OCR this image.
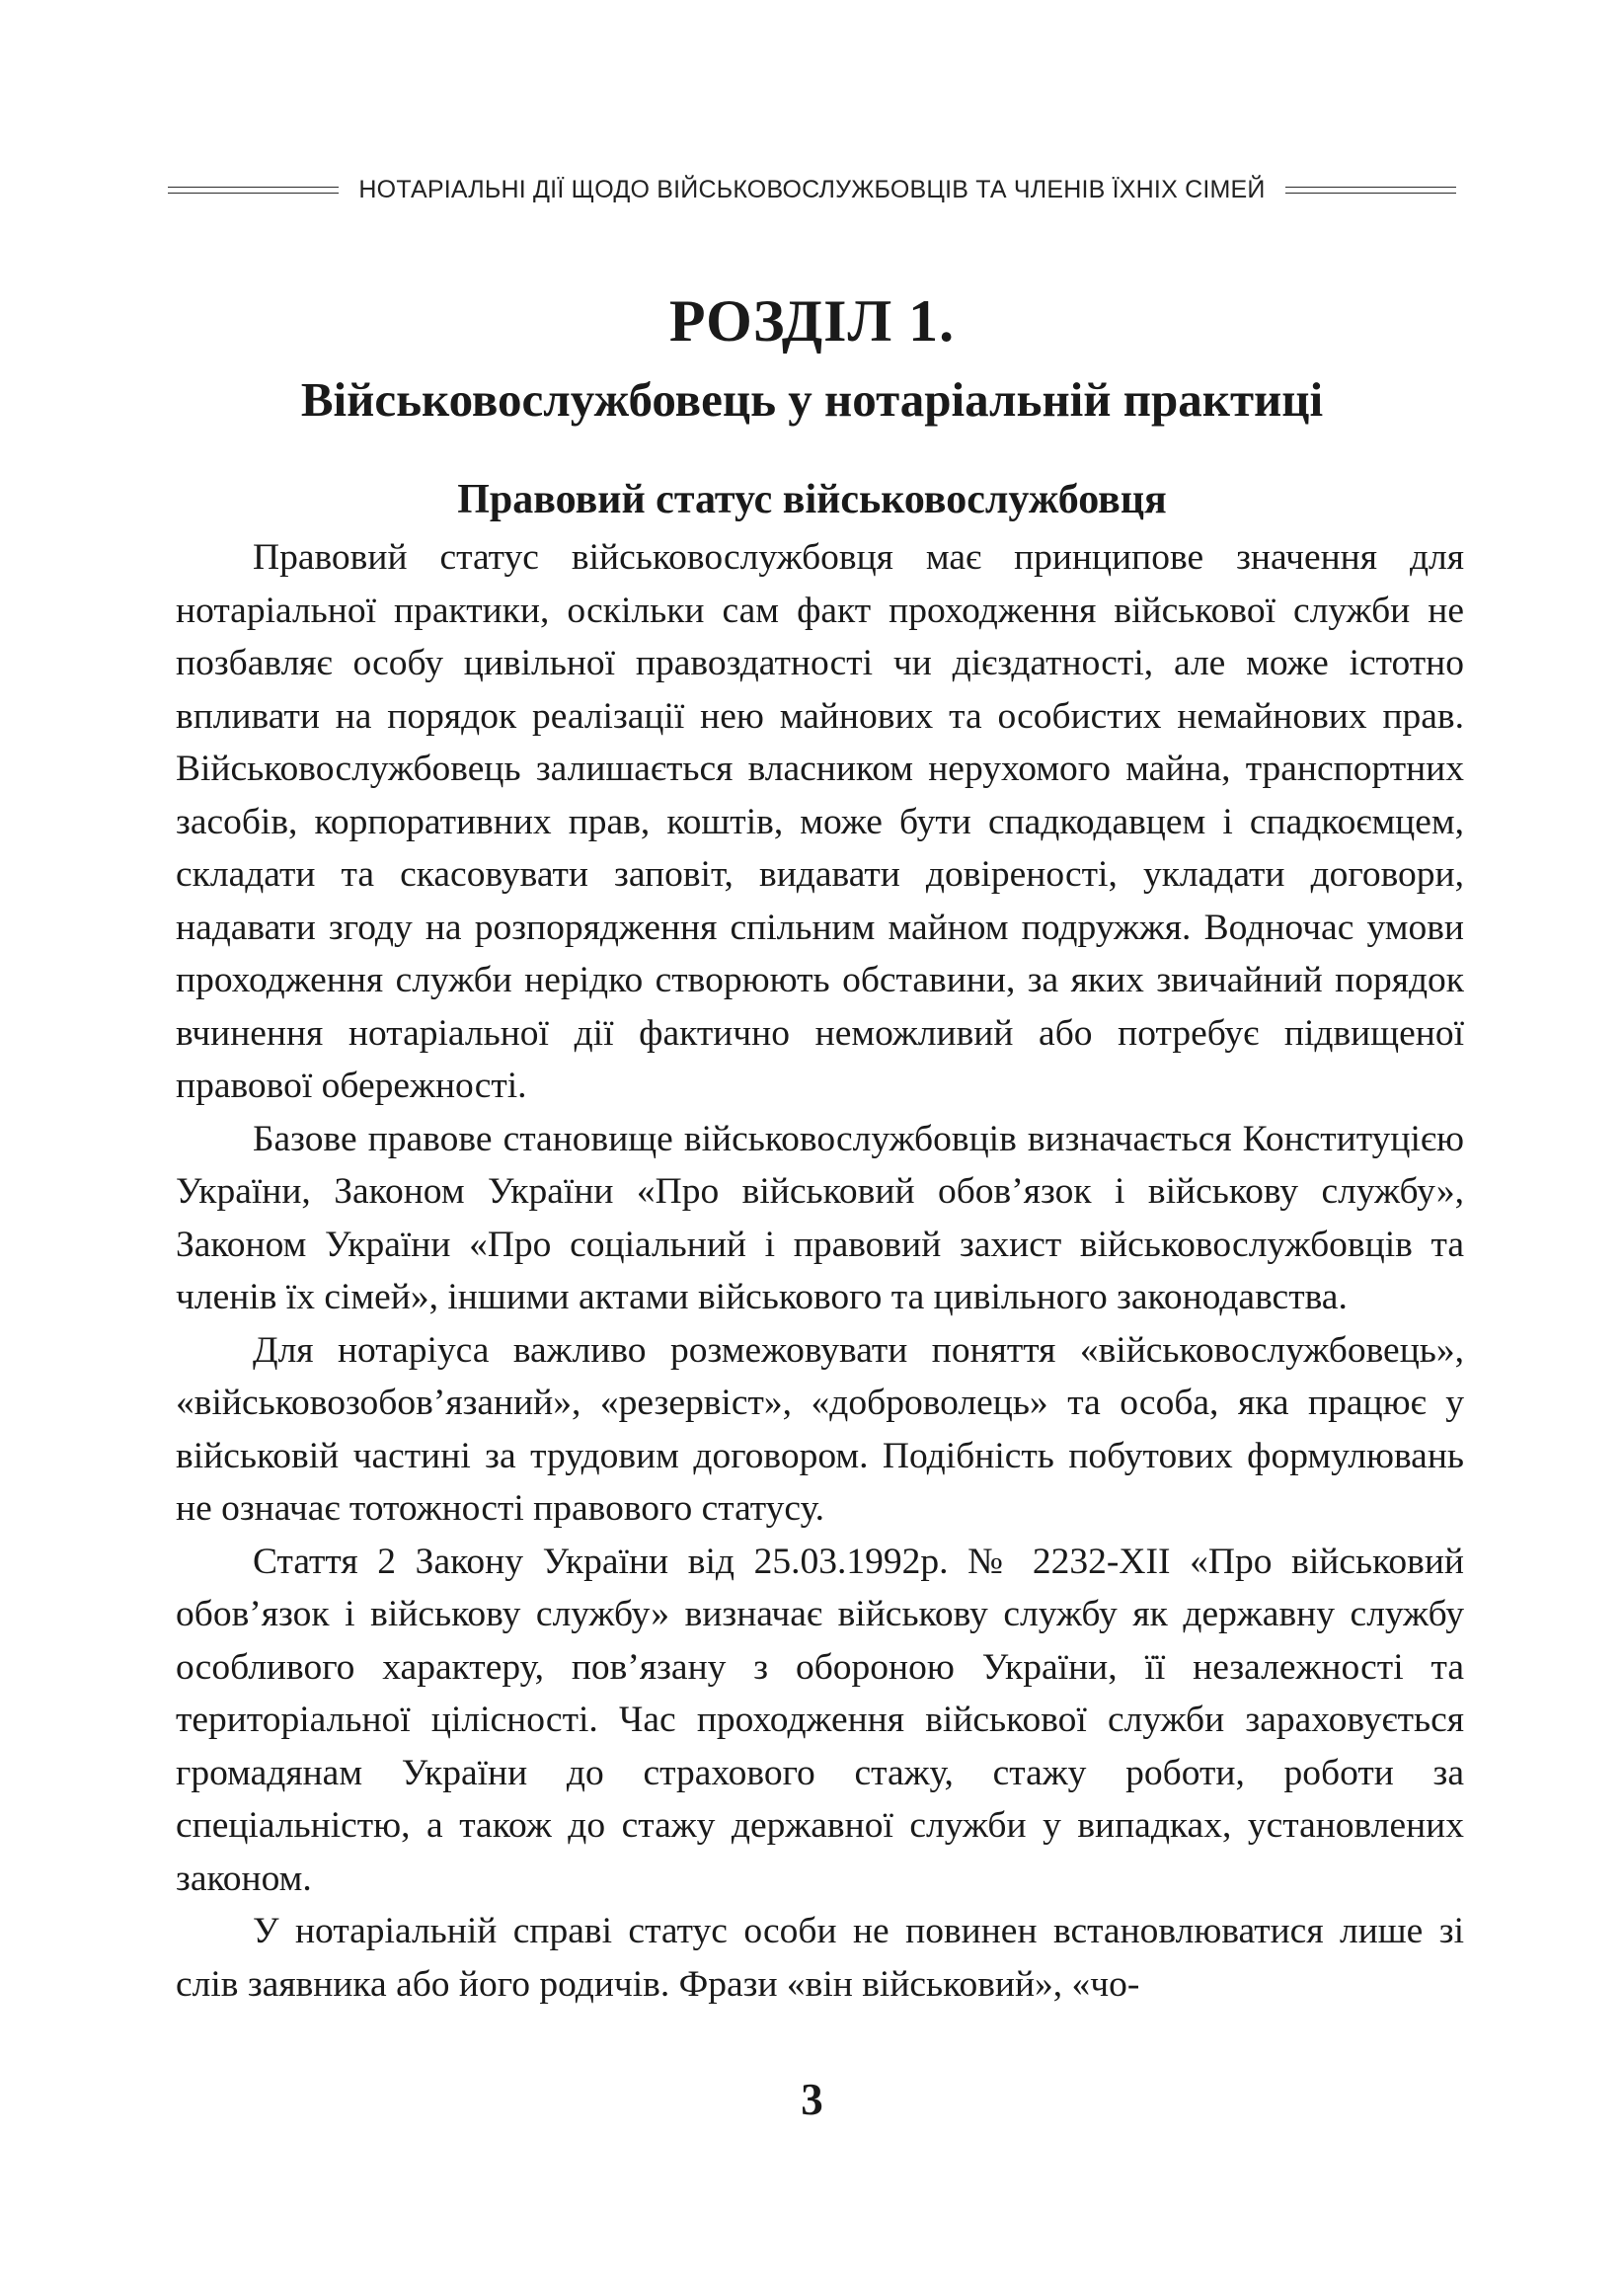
НОТАРІАЛЬНІ ДІЇ ЩОДО ВІЙСЬКОВОСЛУЖБОВЦІВ ТА ЧЛЕНІВ ЇХНІХ СІМЕЙ
РОЗДІЛ 1.
Військовослужбовець у нотаріальній практиці
Правовий статус військовослужбовця

Правовий статус військовослужбовця має принципове значення для нотаріальної практики, оскільки сам факт проходження військової служби не позбавляє особу цивільної правоздатності чи дієздатності, але може істотно впливати на порядок реалізації нею майнових та особистих немайнових прав. Військовослужбовець залишається власником нерухомого майна, транспортних засобів, корпоративних прав, коштів, може бути спадкодавцем і спадкоємцем, складати та скасовувати заповіт, видавати довіреності, укладати договори, надавати згоду на розпорядження спільним майном подружжя. Водночас умови проходження служби нерідко створюють обставини, за яких звичайний порядок вчинення нотаріальної дії фактично неможливий або потребує підвищеної правової обережності.

Базове правове становище військовослужбовців визначається Конституцією України, Законом України «Про військовий обов’язок і військову службу», Законом України «Про соціальний і правовий захист військовослужбовців та членів їх сімей», іншими актами військового та цивільного законодавства.

Для нотаріуса важливо розмежовувати поняття «військовослужбовець», «військовозобов’язаний», «резервіст», «доброволець» та особа, яка працює у військовій частині за трудовим договором. Подібність побутових формулювань не означає тотожності правового статусу.

Стаття 2 Закону України від 25.03.1992р. № 2232-XII «Про військовий обов’язок і військову службу» визначає військову службу як державну службу особливого характеру, пов’язану з обороною України, її незалежності та територіальної цілісності. Час проходження військової служби зараховується громадянам України до страхового стажу, стажу роботи, роботи за спеціальністю, а також до стажу державної служби у випадках, установлених законом.

У нотаріальній справі статус особи не повинен встановлюватися лише зі слів заявника або його родичів. Фрази «він військовий», «чо-

3
